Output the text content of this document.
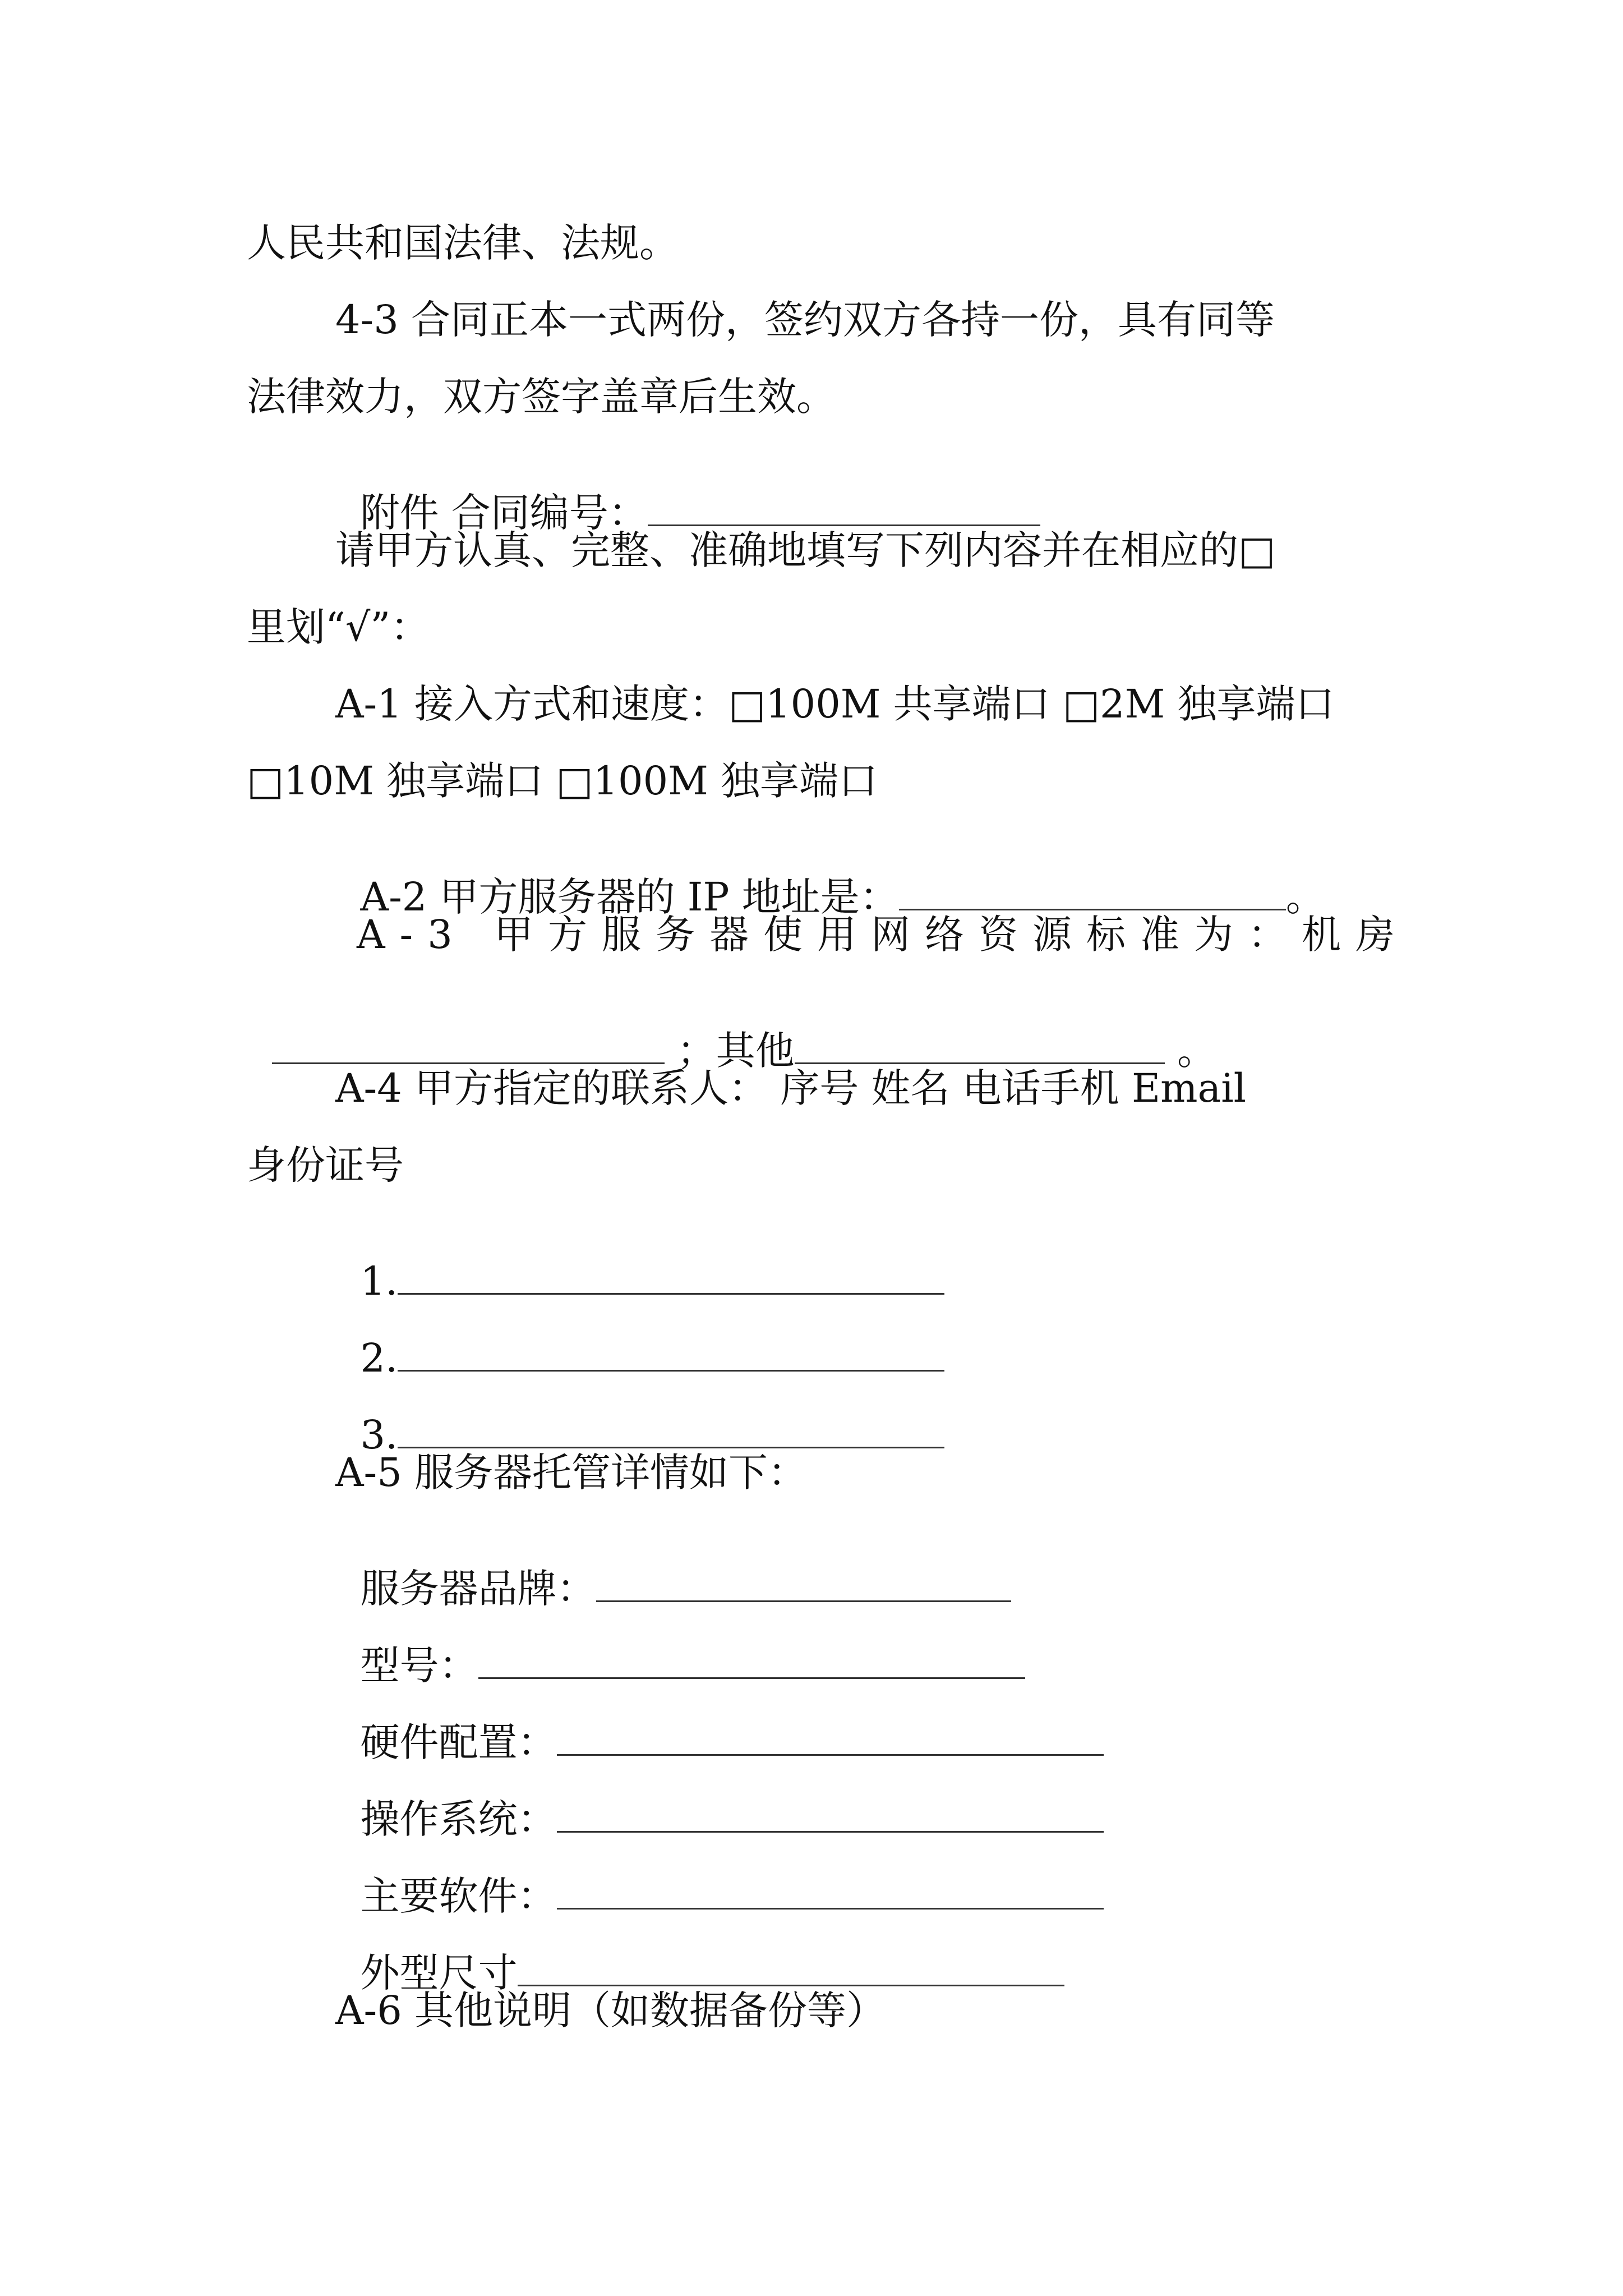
人民共和国法律、法规。
4-3 合同正本一式两份，签约双方各持一份，具有同等
法律效力，双方签字盖章后生效。

附件 合同编号：

请甲方认真、完整、准确地填写下列内容并在相应的□
里划“√”：
A-1 接入方式和速度：□100M 共享端口 □2M 独享端口
□10M 独享端口 □100M 独享端口

A-2 甲方服务器的 IP 地址是：	。

A-3 甲方服务器使用网络资源标准为：机房

；其他	。

A-4 甲方指定的联系人： 序号 姓名 电话手机 Email
身份证号

1.

2.

3.

A-5 服务器托管详情如下：

服务器品牌：

型号：

硬件配置：

操作系统：

主要软件：

外型尺寸

A-6 其他说明（如数据备份等）
